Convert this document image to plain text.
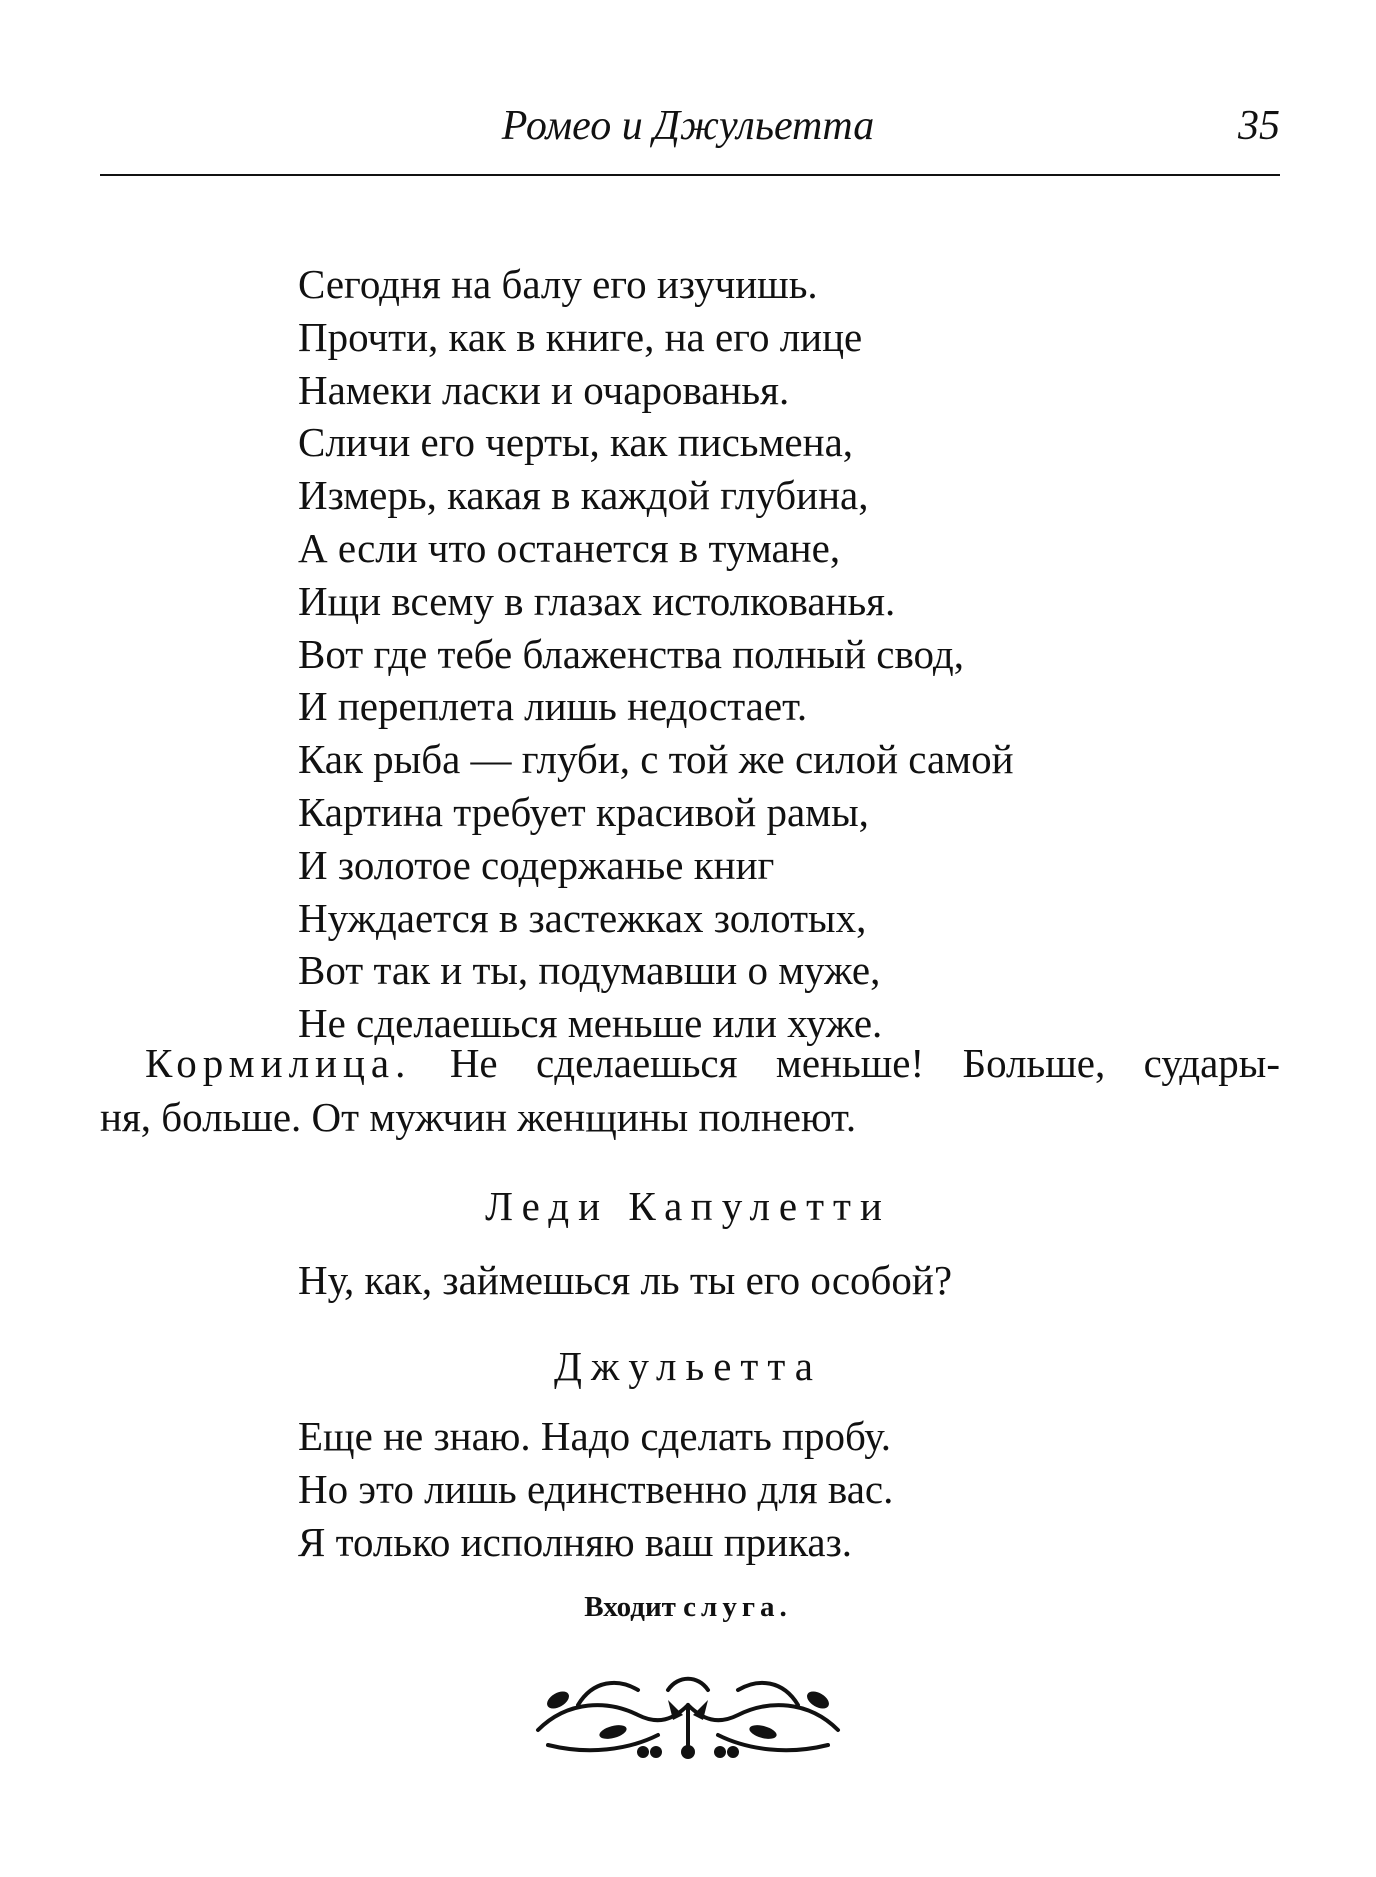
Ромео и Джульетта	35
Сегодня на балу его изучишь.
Прочти, как в книге, на его лице
Намеки ласки и очарованья.
Сличи его черты, как письмена,
Измерь, какая в каждой глубина,
А если что останется в тумане,
Ищи всему в глазах истолкованья.
Вот где тебе блаженства полный свод,
И переплета лишь недостает.
Как рыба — глуби, с той же силой самой
Картина требует красивой рамы,
И золотое содержанье книг
Нуждается в застежках золотых,
Вот так и ты, подумавши о муже,
Не сделаешься меньше или хуже.
Кормилица. Не сделаешься меньше! Больше, судары-
ня, больше. От мужчин женщины полнеют.
Леди Капулетти
Ну, как, займешься ль ты его особой?
Джульетта
Еще не знаю. Надо сделать пробу.
Но это лишь единственно для вас.
Я только исполняю ваш приказ.
Входит слуга.
